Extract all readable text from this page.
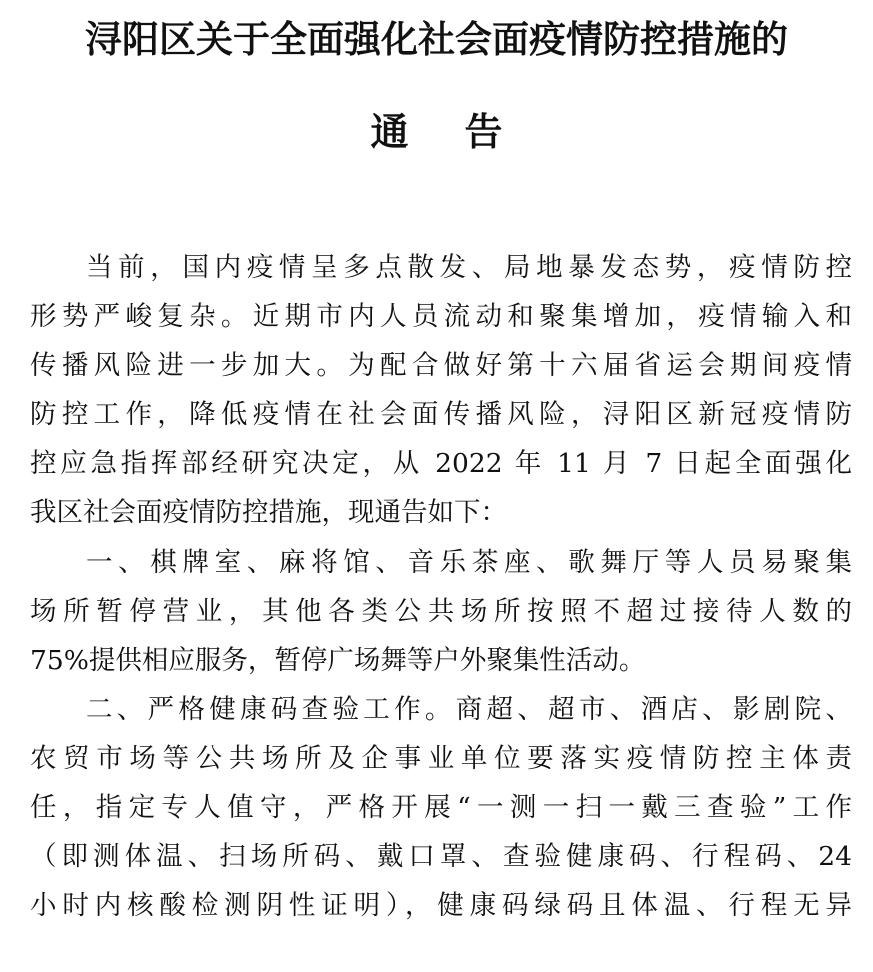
浔阳区关于全面强化社会面疫情防控措施的
通告
当前，国内疫情呈多点散发、局地暴发态势，疫情防控
形势严峻复杂。近期市内人员流动和聚集增加，疫情输入和
传播风险进一步加大。为配合做好第十六届省运会期间疫情
防控工作，降低疫情在社会面传播风险，浔阳区新冠疫情防
控应急指挥部经研究决定，从 2022 年 11 月 7 日起全面强化
我区社会面疫情防控措施，现通告如下：
一、棋牌室、麻将馆、音乐茶座、歌舞厅等人员易聚集
场所暂停营业，其他各类公共场所按照不超过接待人数的
75%提供相应服务，暂停广场舞等户外聚集性活动。
二、严格健康码查验工作。商超、超市、酒店、影剧院、
农贸市场等公共场所及企事业单位要落实疫情防控主体责
任，指定专人值守，严格开展“一测一扫一戴三查验”工作
（即测体温、扫场所码、戴口罩、查验健康码、行程码、24
小时内核酸检测阴性证明），健康码绿码且体温、行程无异
